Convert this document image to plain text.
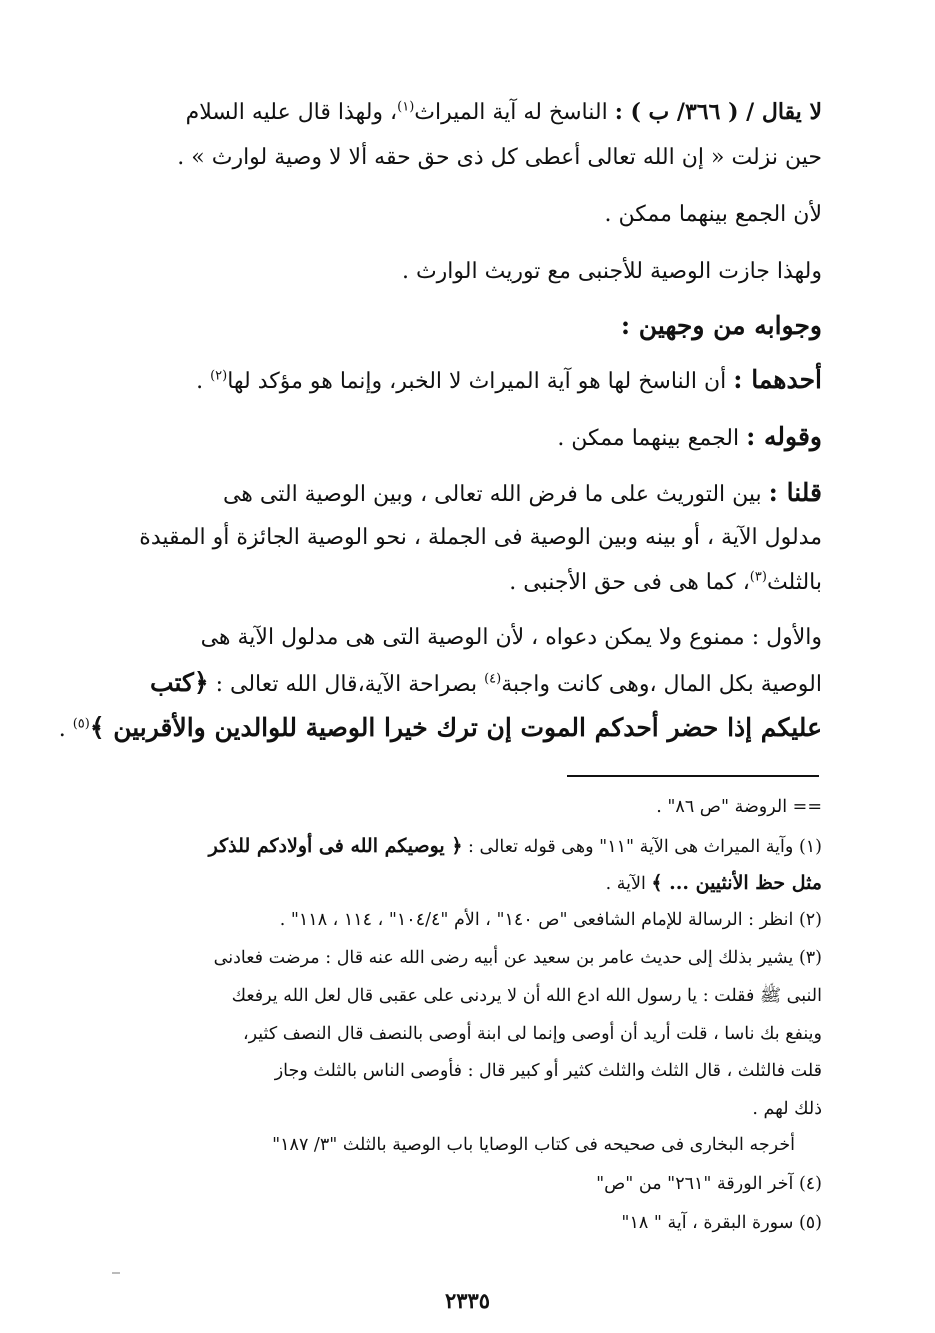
لا يقال / ( ٣٦٦/ ب ) : الناسخ له آية الميراث$^{(١)}$، ولهذا قال عليه السلام
حين نزلت « إن الله تعالى أعطى كل ذى حق حقه ألا لا وصية لوارث » .
لأن الجمع بينهما ممكن .
ولهذا جازت الوصية للأجنبى مع توريث الوارث .
وجوابه من وجهين :
أحدهما : أن الناسخ لها هو آية الميراث لا الخبر، وإنما هو مؤكد لها$^{(٢)}$ .
وقوله : الجمع بينهما ممكن .
قلنا : بين التوريث على ما فرض الله تعالى ، وبين الوصية التى هى
مدلول الآية ، أو بينه وبين الوصية فى الجملة ، نحو الوصية الجائزة أو المقيدة
بالثلث$^{(٣)}$، كما هى فى حق الأجنبى .
والأول : ممنوع ولا يمكن دعواه ، لأن الوصية التى هى مدلول الآية هى
الوصية بكل المال ،وهى كانت واجبة$^{(٤)}$ بصراحة الآية،قال الله تعالى : ﴿كتب
عليكم إذا حضر أحدكم الموت إن ترك خيرا الوصية للوالدين والأقربين ﴾$^{(٥)}$ .
== الروضة "ص ٨٦" .
(١) وآية الميراث هى الآية "١١" وهى قوله تعالى : ﴿ يوصيكم الله فى أولادكم للذكر
مثل حظ الأنثيين ... ﴾ الآية .
(٢) انظر : الرسالة للإمام الشافعى "ص ١٤٠" ، الأم "١٠٤/٤" ، ١١٤ ، ١١٨" .
(٣) يشير بذلك إلى حديث عامر بن سعيد عن أبيه رضى الله عنه قال : مرضت فعادنى
النبى ﷺ فقلت : يا رسول الله ادع الله أن لا يردنى على عقبى قال لعل الله يرفعك
وينفع بك ناسا ، قلت أريد أن أوصى وإنما لى ابنة أوصى بالنصف قال النصف كثير،
قلت فالثلث ، قال الثلث والثلث كثير أو كبير قال : فأوصى الناس بالثلث وجاز
ذلك لهم .
أخرجه البخارى فى صحيحه فى كتاب الوصايا باب الوصية بالثلث "٣/ ١٨٧"
(٤) آخر الورقة "٢٦١" من "ص"
(٥) سورة البقرة ، آية " ١٨"
٢٣٣٥
